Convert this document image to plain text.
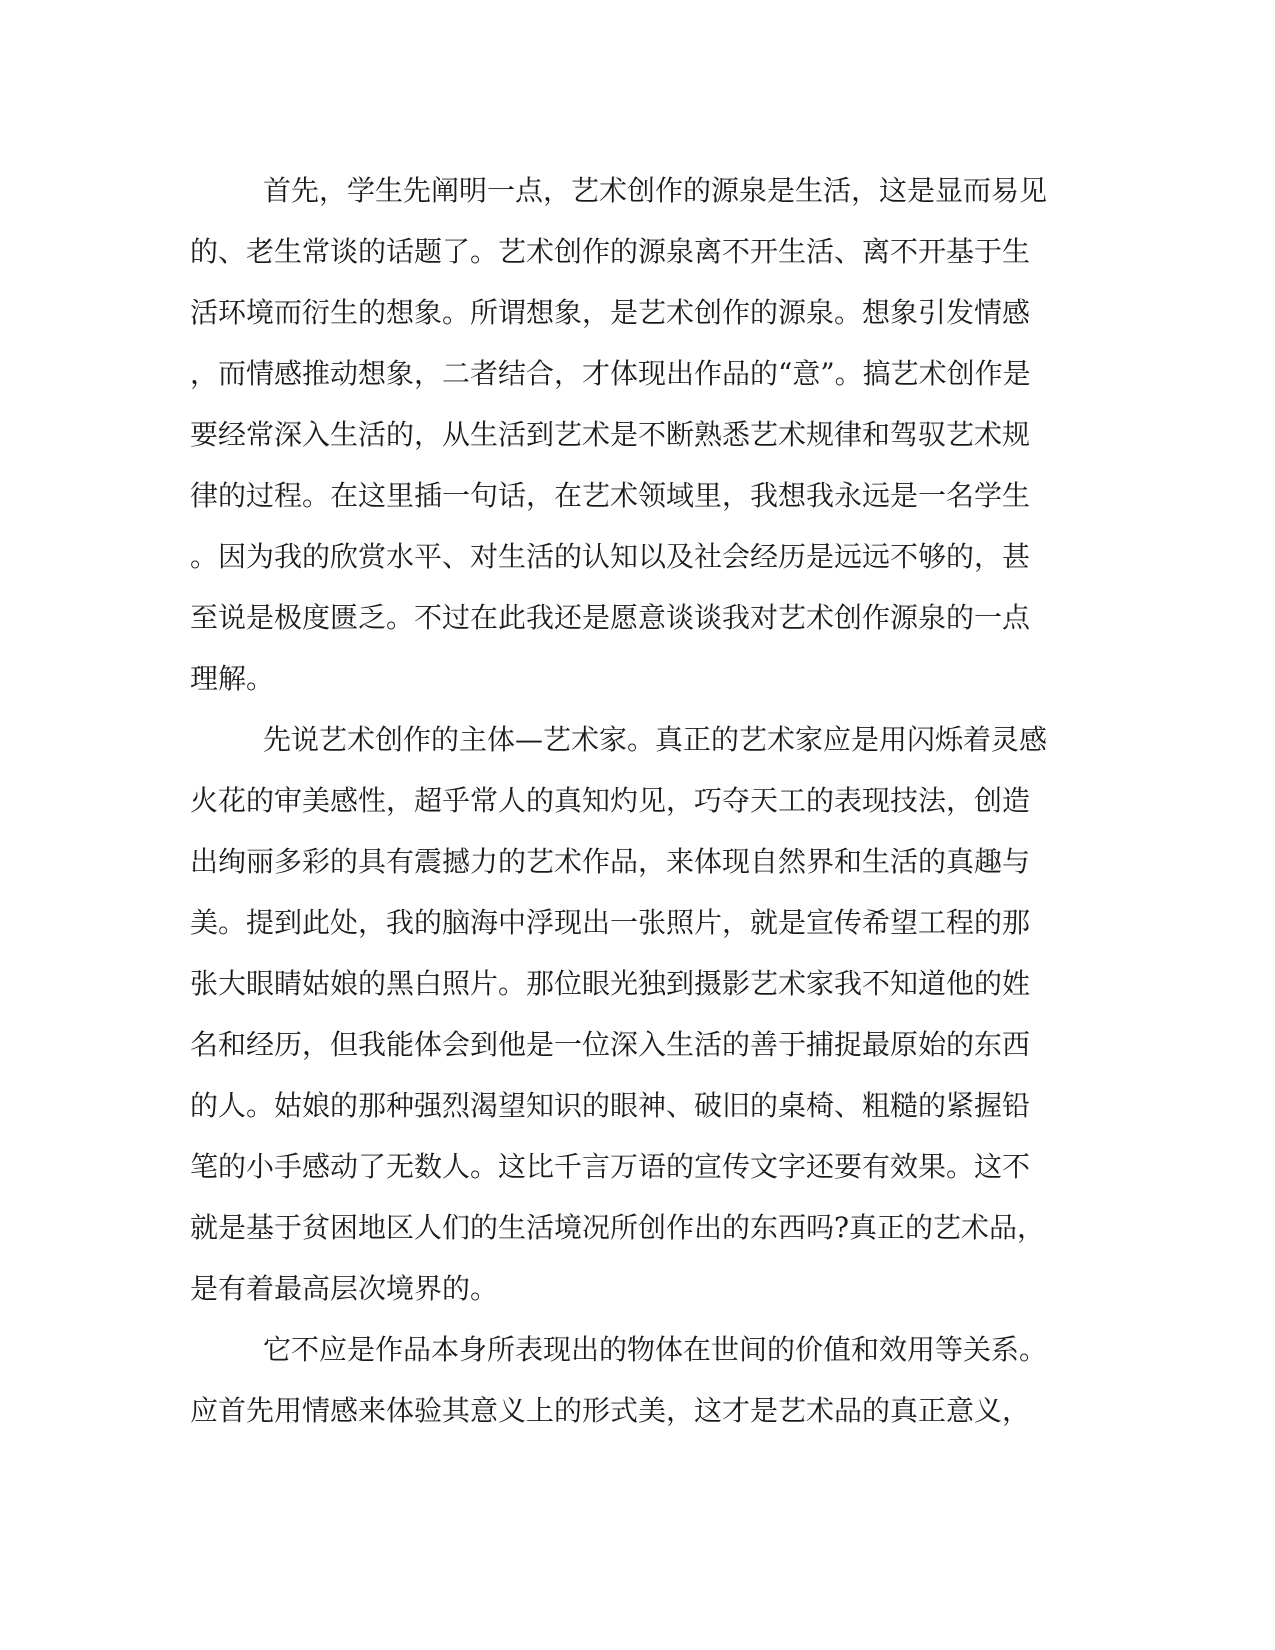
首先，学生先阐明一点，艺术创作的源泉是生活，这是显而易见
的、老生常谈的话题了。艺术创作的源泉离不开生活、离不开基于生
活环境而衍生的想象。所谓想象，是艺术创作的源泉。想象引发情感
，而情感推动想象，二者结合，才体现出作品的“意”。搞艺术创作是
要经常深入生活的，从生活到艺术是不断熟悉艺术规律和驾驭艺术规
律的过程。在这里插一句话，在艺术领域里，我想我永远是一名学生
。因为我的欣赏水平、对生活的认知以及社会经历是远远不够的，甚
至说是极度匮乏。不过在此我还是愿意谈谈我对艺术创作源泉的一点
理解。
先说艺术创作的主体—艺术家。真正的艺术家应是用闪烁着灵感
火花的审美感性，超乎常人的真知灼见，巧夺天工的表现技法，创造
出绚丽多彩的具有震撼力的艺术作品，来体现自然界和生活的真趣与
美。提到此处，我的脑海中浮现出一张照片，就是宣传希望工程的那
张大眼睛姑娘的黑白照片。那位眼光独到摄影艺术家我不知道他的姓
名和经历，但我能体会到他是一位深入生活的善于捕捉最原始的东西
的人。姑娘的那种强烈渴望知识的眼神、破旧的桌椅、粗糙的紧握铅
笔的小手感动了无数人。这比千言万语的宣传文字还要有效果。这不
就是基于贫困地区人们的生活境况所创作出的东西吗?真正的艺术品，
是有着最高层次境界的。
它不应是作品本身所表现出的物体在世间的价值和效用等关系。
应首先用情感来体验其意义上的形式美，这才是艺术品的真正意义，
